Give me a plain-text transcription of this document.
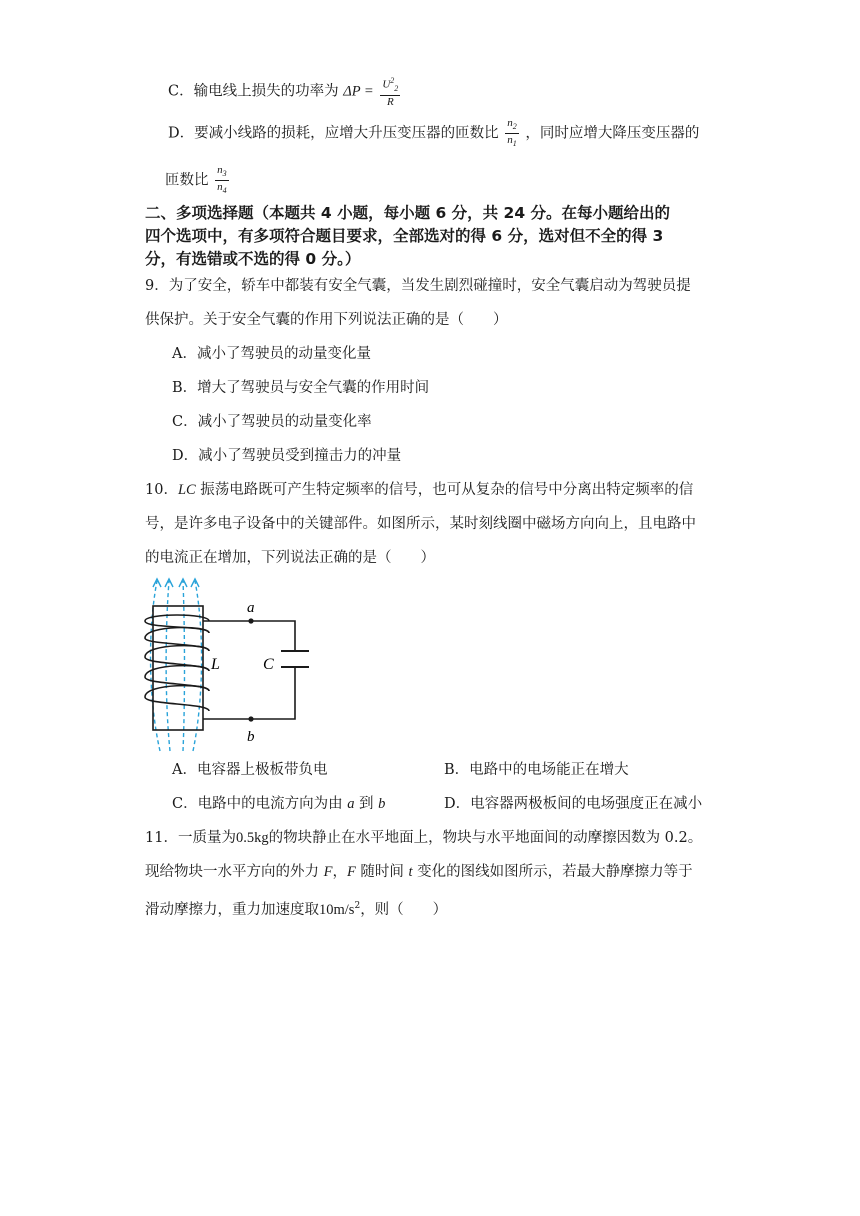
C．输电线上损失的功率为 $\Delta P = \frac{U^2_2}{R}$
D．要减小线路的损耗，应增大升压变压器的匝数比 $\frac{n_2}{n_1}$ ，同时应增大降压变压器的
匝数比 $\frac{n_3}{n_4}$
二、多项选择题（本题共 4 小题，每小题 6 分，共 24 分。在每小题给出的
四个选项中，有多项符合题目要求，全部选对的得 6 分，选对但不全的得 3
分，有选错或不选的得 0 分。）
9．为了安全，轿车中都装有安全气囊，当发生剧烈碰撞时，安全气囊启动为驾驶员提
供保护。关于安全气囊的作用下列说法正确的是（　　）
A．减小了驾驶员的动量变化量
B．增大了驾驶员与安全气囊的作用时间
C．减小了驾驶员的动量变化率
D．减小了驾驶员受到撞击力的冲量
10．LC 振荡电路既可产生特定频率的信号，也可从复杂的信号中分离出特定频率的信
号，是许多电子设备中的关键部件。如图所示，某时刻线圈中磁场方向向上，且电路中
的电流正在增加，下列说法正确的是（　　）
a
b
L	C
A．电容器上极板带负电	B．电路中的电场能正在增大
C．电路中的电流方向为由 a 到 b	D．电容器两极板间的电场强度正在减小
11．一质量为0.5kg的物块静止在水平地面上，物块与水平地面间的动摩擦因数为 0.2。
现给物块一水平方向的外力 F，F 随时间 t 变化的图线如图所示，若最大静摩擦力等于
滑动摩擦力，重力加速度取$10m/s^2$，则（　　）
